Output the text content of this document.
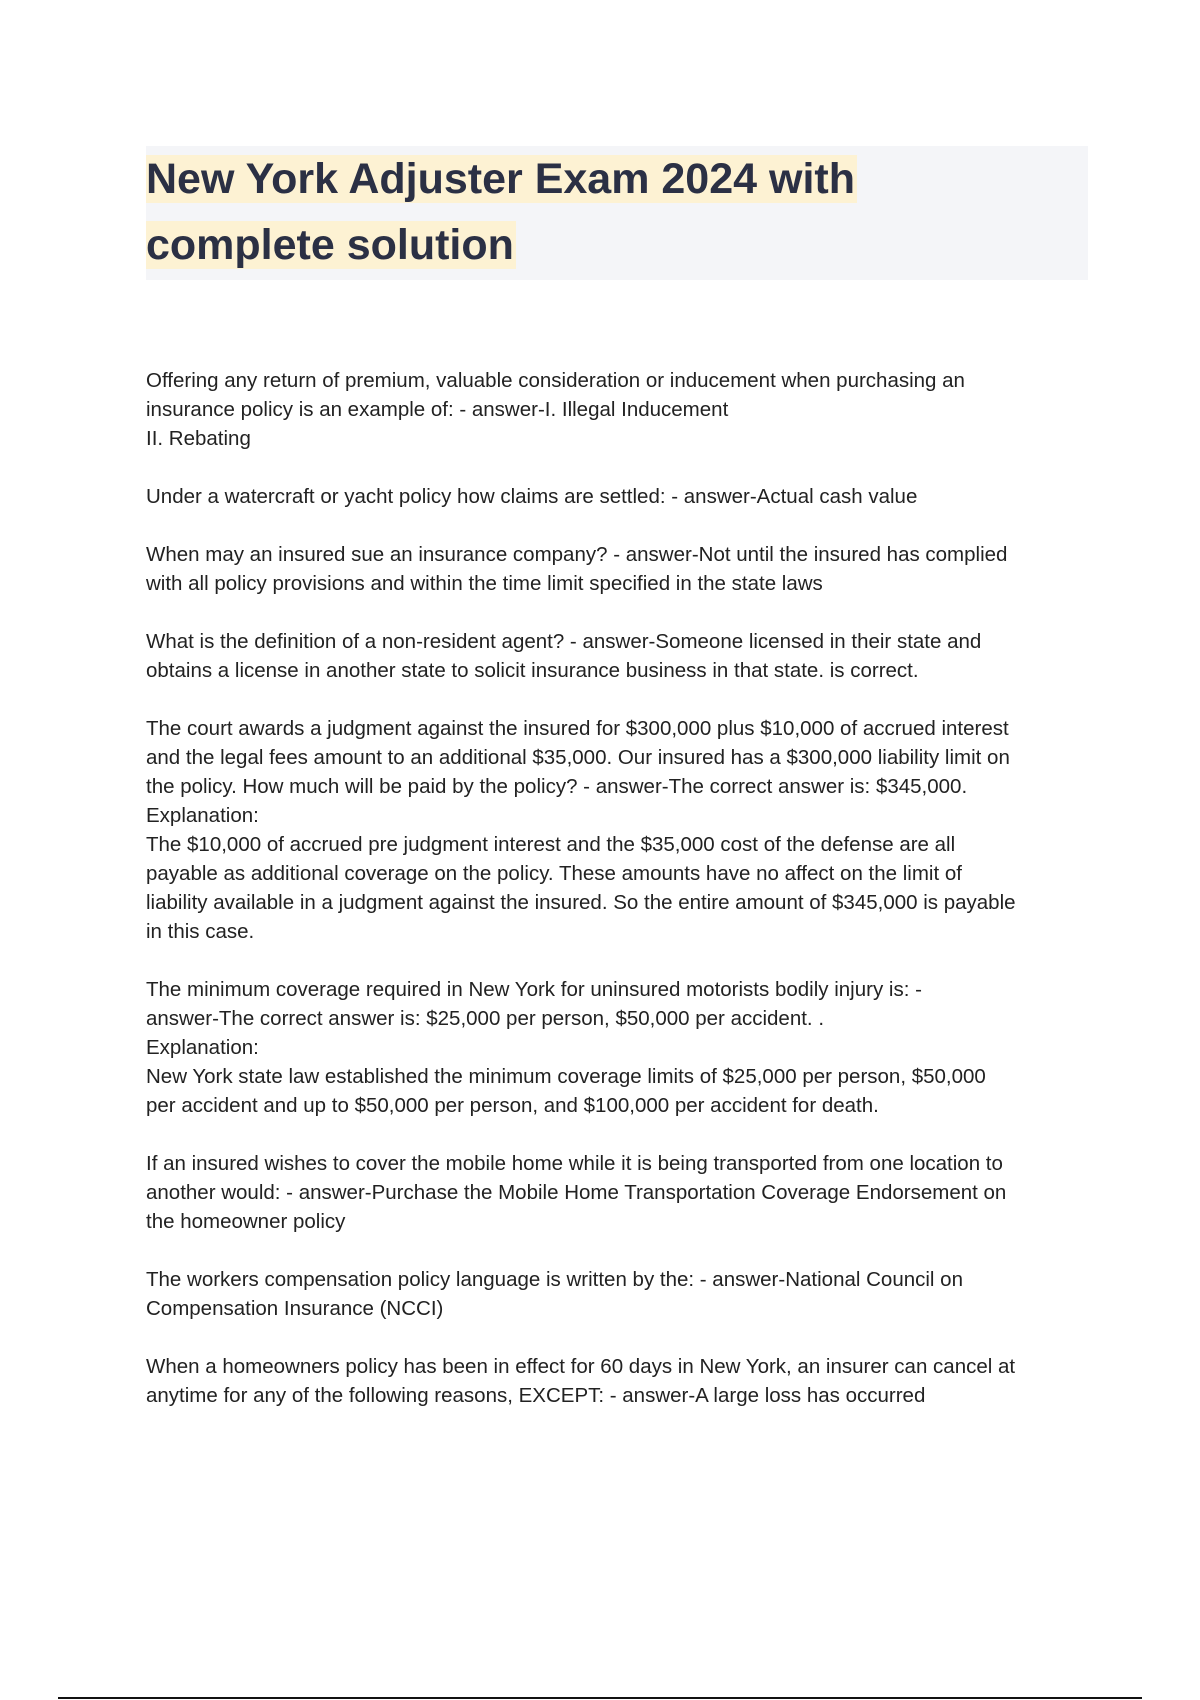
New York Adjuster Exam 2024 with
complete solution

Offering any return of premium, valuable consideration or inducement when purchasing an
insurance policy is an example of: - answer-I. Illegal Inducement
II. Rebating

Under a watercraft or yacht policy how claims are settled: - answer-Actual cash value

When may an insured sue an insurance company? - answer-Not until the insured has complied
with all policy provisions and within the time limit specified in the state laws

What is the definition of a non-resident agent? - answer-Someone licensed in their state and
obtains a license in another state to solicit insurance business in that state. is correct.

The court awards a judgment against the insured for $300,000 plus $10,000 of accrued interest
and the legal fees amount to an additional $35,000. Our insured has a $300,000 liability limit on
the policy. How much will be paid by the policy? - answer-The correct answer is: $345,000.
Explanation:
The $10,000 of accrued pre judgment interest and the $35,000 cost of the defense are all
payable as additional coverage on the policy. These amounts have no affect on the limit of
liability available in a judgment against the insured. So the entire amount of $345,000 is payable
in this case.

The minimum coverage required in New York for uninsured motorists bodily injury is: -
answer-The correct answer is: $25,000 per person, $50,000 per accident. .
Explanation:
New York state law established the minimum coverage limits of $25,000 per person, $50,000
per accident and up to $50,000 per person, and $100,000 per accident for death.

If an insured wishes to cover the mobile home while it is being transported from one location to
another would: - answer-Purchase the Mobile Home Transportation Coverage Endorsement on
the homeowner policy

The workers compensation policy language is written by the: - answer-National Council on
Compensation Insurance (NCCI)

When a homeowners policy has been in effect for 60 days in New York, an insurer can cancel at
anytime for any of the following reasons, EXCEPT: - answer-A large loss has occurred
